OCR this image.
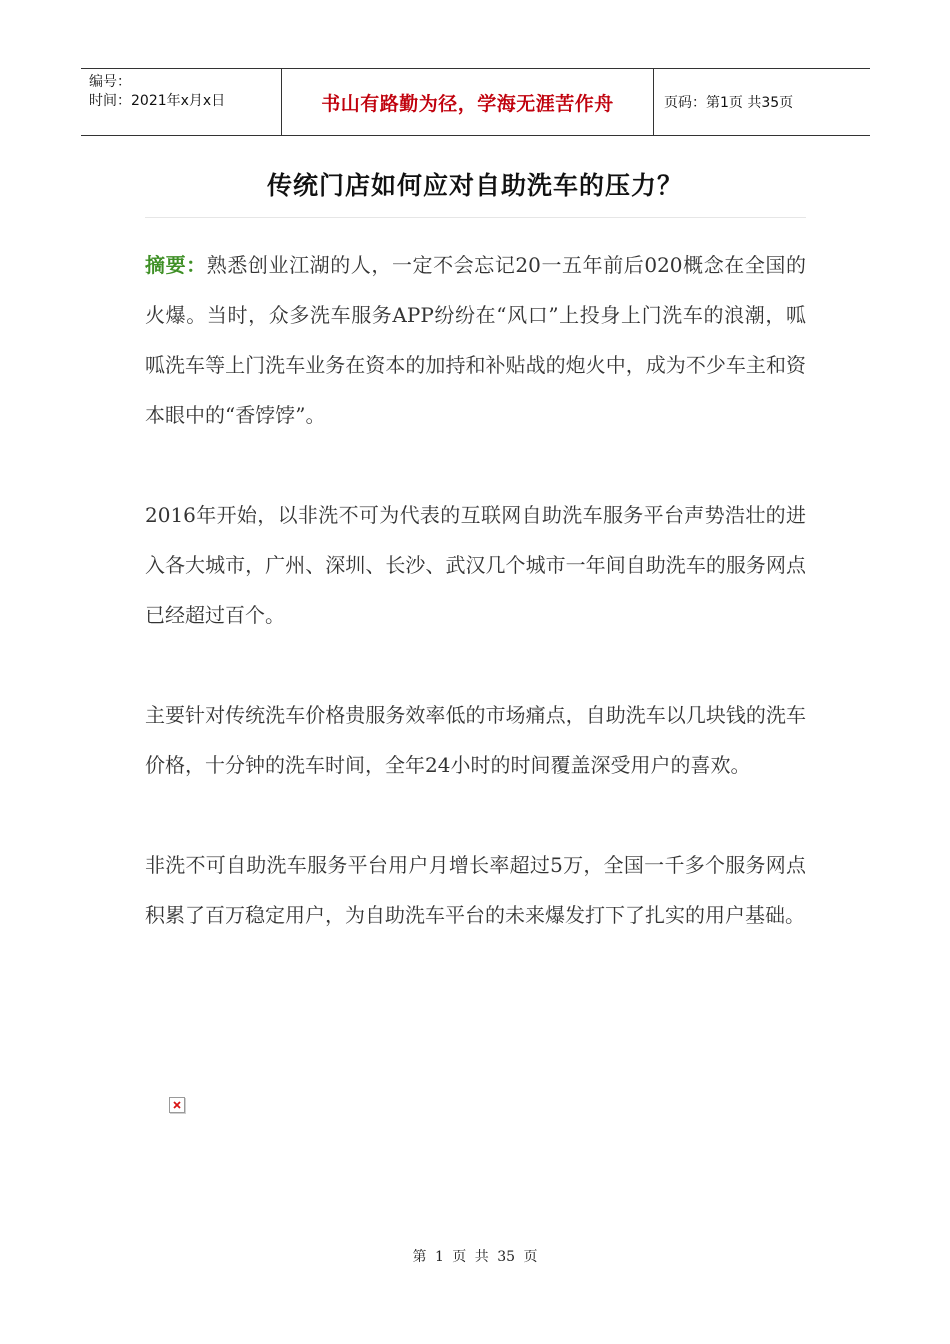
编号：
时间：2021年x月x日	书山有路勤为径，学海无涯苦作舟	页码：第1页 共35页
传统门店如何应对自助洗车的压力？

摘要：熟悉创业江湖的人，一定不会忘记20一五年前后020概念在全国的火爆。当时，众多洗车服务APP纷纷在“风口”上投身上门洗车的浪潮，呱呱洗车等上门洗车业务在资本的加持和补贴战的炮火中，成为不少车主和资本眼中的“香饽饽”。

2016年开始，以非洗不可为代表的互联网自助洗车服务平台声势浩壮的进入各大城市，广州、深圳、长沙、武汉几个城市一年间自助洗车的服务网点已经超过百个。

主要针对传统洗车价格贵服务效率低的市场痛点，自助洗车以几块钱的洗车价格，十分钟的洗车时间，全年24小时的时间覆盖深受用户的喜欢。

非洗不可自助洗车服务平台用户月增长率超过5万，全国一千多个服务网点积累了百万稳定用户，为自助洗车平台的未来爆发打下了扎实的用户基础。

第 1 页 共 35 页
